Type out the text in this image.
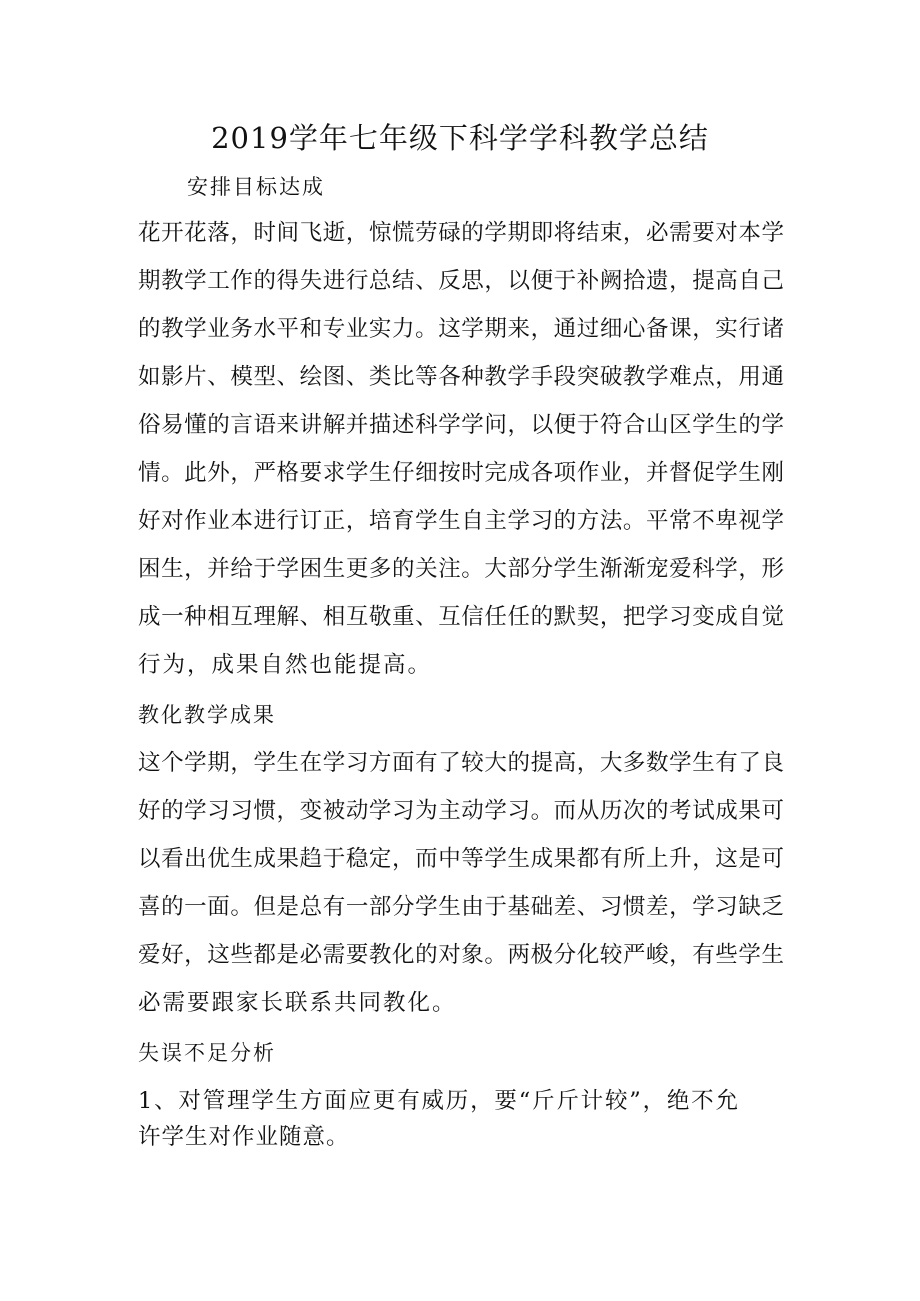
2019学年七年级下科学学科教学总结
安排目标达成
花开花落，时间飞逝，惊慌劳碌的学期即将结束，必需要对本学
期教学工作的得失进行总结、反思，以便于补阙拾遗，提高自己
的教学业务水平和专业实力。这学期来，通过细心备课，实行诸
如影片、模型、绘图、类比等各种教学手段突破教学难点，用通
俗易懂的言语来讲解并描述科学学问，以便于符合山区学生的学
情。此外，严格要求学生仔细按时完成各项作业，并督促学生刚
好对作业本进行订正，培育学生自主学习的方法。平常不卑视学
困生，并给于学困生更多的关注。大部分学生渐渐宠爱科学，形
成一种相互理解、相互敬重、互信任任的默契，把学习变成自觉
行为，成果自然也能提高。
教化教学成果
这个学期，学生在学习方面有了较大的提高，大多数学生有了良
好的学习习惯，变被动学习为主动学习。而从历次的考试成果可
以看出优生成果趋于稳定，而中等学生成果都有所上升，这是可
喜的一面。但是总有一部分学生由于基础差、习惯差，学习缺乏
爱好，这些都是必需要教化的对象。两极分化较严峻，有些学生
必需要跟家长联系共同教化。
失误不足分析
1、对管理学生方面应更有威历，要“斤斤计较”，绝不允
许学生对作业随意。
